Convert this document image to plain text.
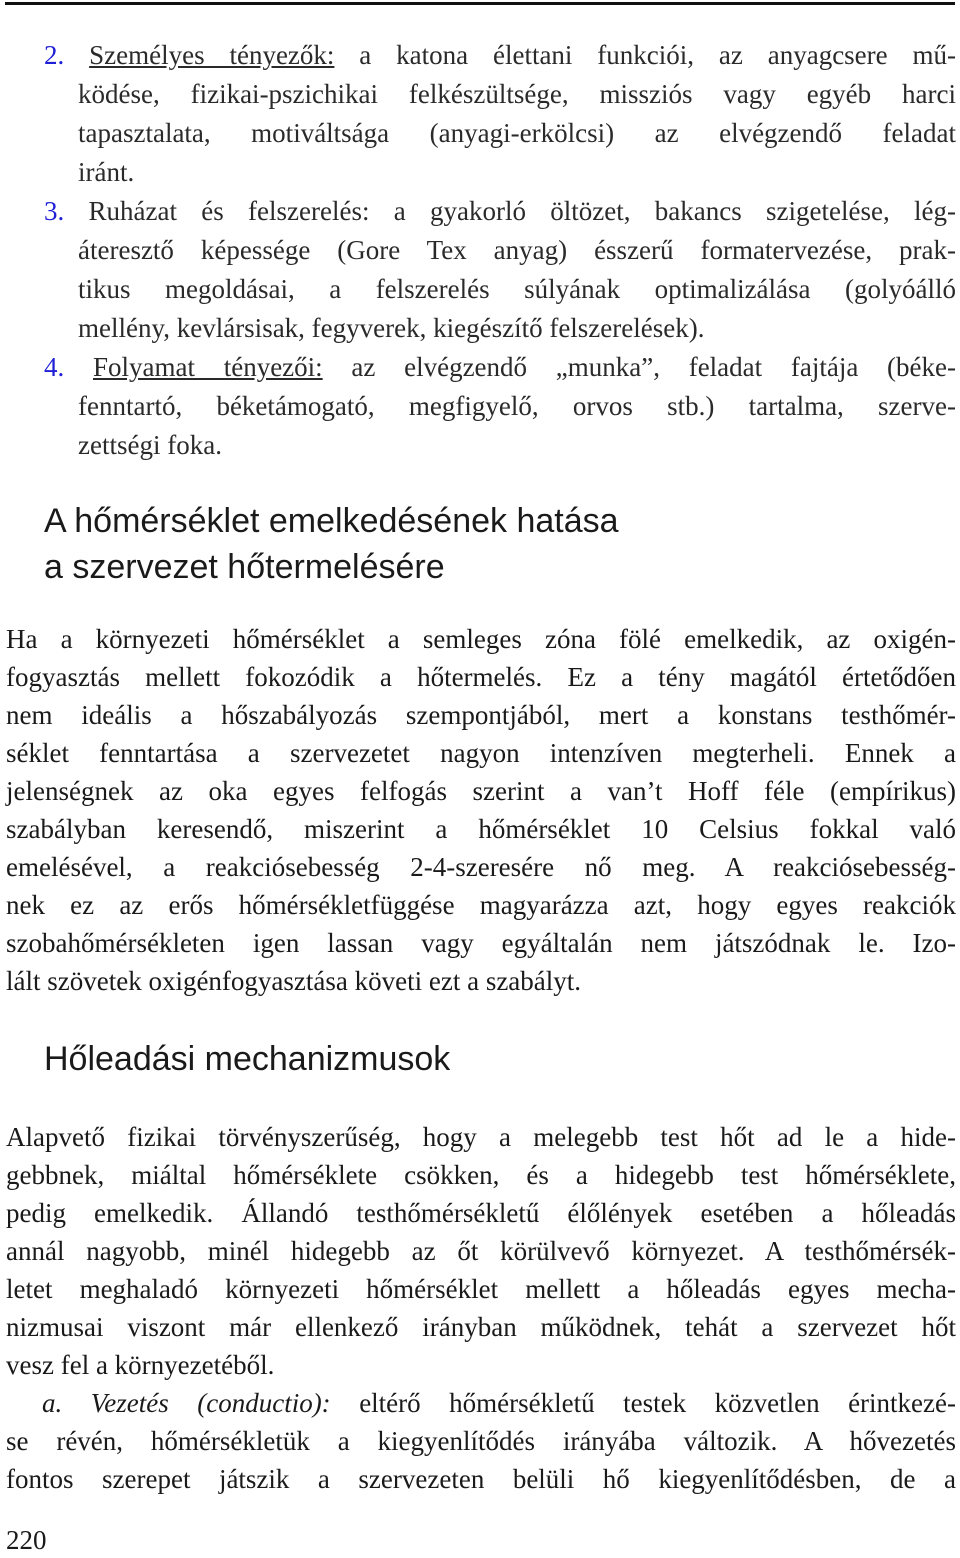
2. Személyes tényezők: a katona élettani funkciói, az anyagcsere mű-
ködése, fizikai-pszichikai felkészültsége, missziós vagy egyéb harci
tapasztalata, motiváltsága (anyagi-erkölcsi) az elvégzendő feladat
iránt.
3. Ruházat és felszerelés: a gyakorló öltözet, bakancs szigetelése, lég-
áteresztő képessége (Gore Tex anyag) ésszerű formatervezése, prak-
tikus megoldásai, a felszerelés súlyának optimalizálása (golyóálló
mellény, kevlársisak, fegyverek, kiegészítő felszerelések).
4. Folyamat tényezői: az elvégzendő „munka”, feladat fajtája (béke-
fenntartó, béketámogató, megfigyelő, orvos stb.) tartalma, szerve-
zettségi foka.
A hőmérséklet emelkedésének hatása
a szervezet hőtermelésére
Ha a környezeti hőmérséklet a semleges zóna fölé emelkedik, az oxigén-
fogyasztás mellett fokozódik a hőtermelés. Ez a tény magától értetődően
nem ideális a hőszabályozás szempontjából, mert a konstans testhőmér-
séklet fenntartása a szervezetet nagyon intenzíven megterheli. Ennek a
jelenségnek az oka egyes felfogás szerint a van’t Hoff féle (empírikus)
szabályban keresendő, miszerint a hőmérséklet 10 Celsius fokkal való
emelésével, a reakciósebesség 2-4-szeresére nő meg. A reakciósebesség-
nek ez az erős hőmérsékletfüggése magyarázza azt, hogy egyes reakciók
szobahőmérsékleten igen lassan vagy egyáltalán nem játszódnak le. Izo-
lált szövetek oxigénfogyasztása követi ezt a szabályt.
Hőleadási mechanizmusok
Alapvető fizikai törvényszerűség, hogy a melegebb test hőt ad le a hide-
gebbnek, miáltal hőmérséklete csökken, és a hidegebb test hőmérséklete,
pedig emelkedik. Állandó testhőmérsékletű élőlények esetében a hőleadás
annál nagyobb, minél hidegebb az őt körülvevő környezet. A testhőmérsék-
letet meghaladó környezeti hőmérséklet mellett a hőleadás egyes mecha-
nizmusai viszont már ellenkező irányban működnek, tehát a szervezet hőt
vesz fel a környezetéből.
a. Vezetés (conductio): eltérő hőmérsékletű testek közvetlen érintkezé-
se révén, hőmérsékletük a kiegyenlítődés irányába változik. A hővezetés
fontos szerepet játszik a szervezeten belüli hő kiegyenlítődésben, de a
220
